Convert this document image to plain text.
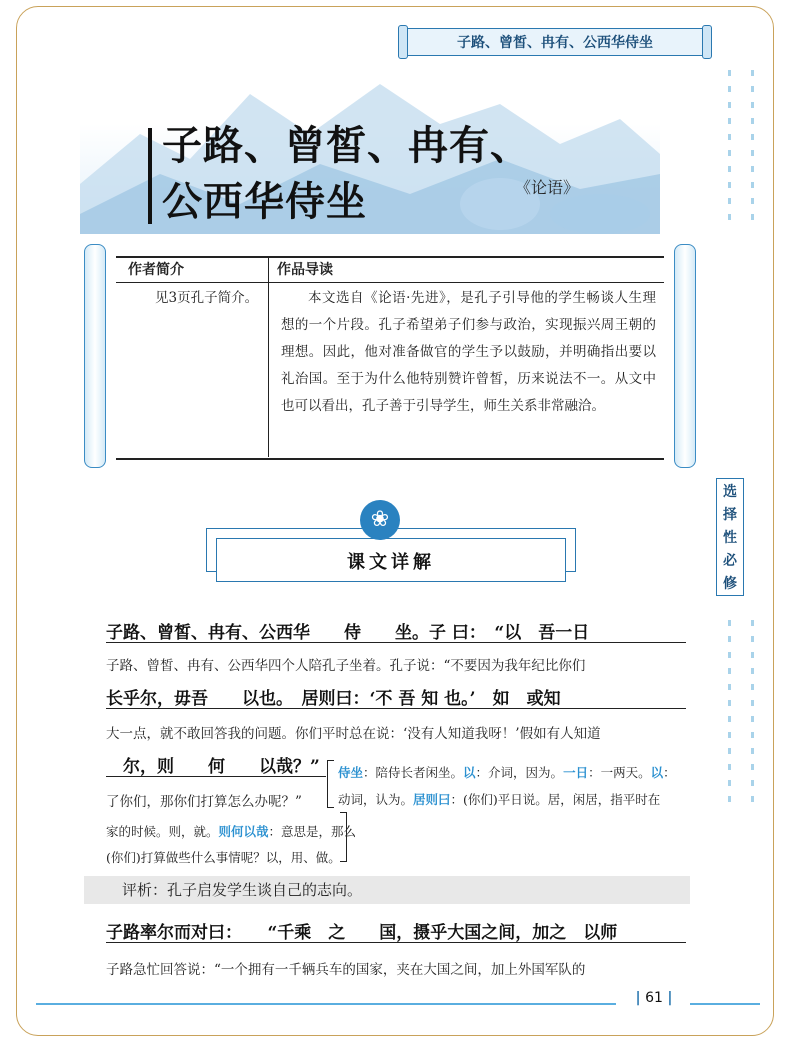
子路、曾皙、冉有、公西华侍坐
子路、曾皙、冉有、
公西华侍坐	《论语》
作者简介	作品导读
见3页孔子简介。	本文选自《论语·先进》，是孔子引导他的学生畅谈人生理想的一个片段。孔子希望弟子们参与政治，实现振兴周王朝的理想。因此，他对准备做官的学生予以鼓励，并明确指出要以礼治国。至于为什么他特别赞许曾皙，历来说法不一。从文中也可以看出，孔子善于引导学生，师生关系非常融洽。
选
择
性
必
修
❀
课文详解
子路、曾皙、冉有、公西华　　侍　　坐。子 曰：　“以　吾一日
子路、曾皙、冉有、公西华四个人陪孔子坐着。孔子说：“不要因为我年纪比你们
长乎尔，毋吾　　以也。　居则曰：‘不 吾 知 也。’　如　或知
大一点，就不敢回答我的问题。你们平时总在说：‘没有人知道我呀！’假如有人知道
　尔，则　　何　　以哉？”
了你们，那你们打算怎么办呢？”
侍坐：陪侍长者闲坐。以：介词，因为。一日：一两天。以：
动词，认为。居则曰：(你们)平日说。居，闲居，指平时在
家的时候。则，就。则何以哉：意思是，那么
(你们)打算做些什么事情呢？以，用、做。
评析：孔子启发学生谈自己的志向。
子路率尔而对曰：　　“千乘　之　　国，摄乎大国之间，加之　以师
子路急忙回答说：“一个拥有一千辆兵车的国家，夹在大国之间，加上外国军队的
| 61 |
